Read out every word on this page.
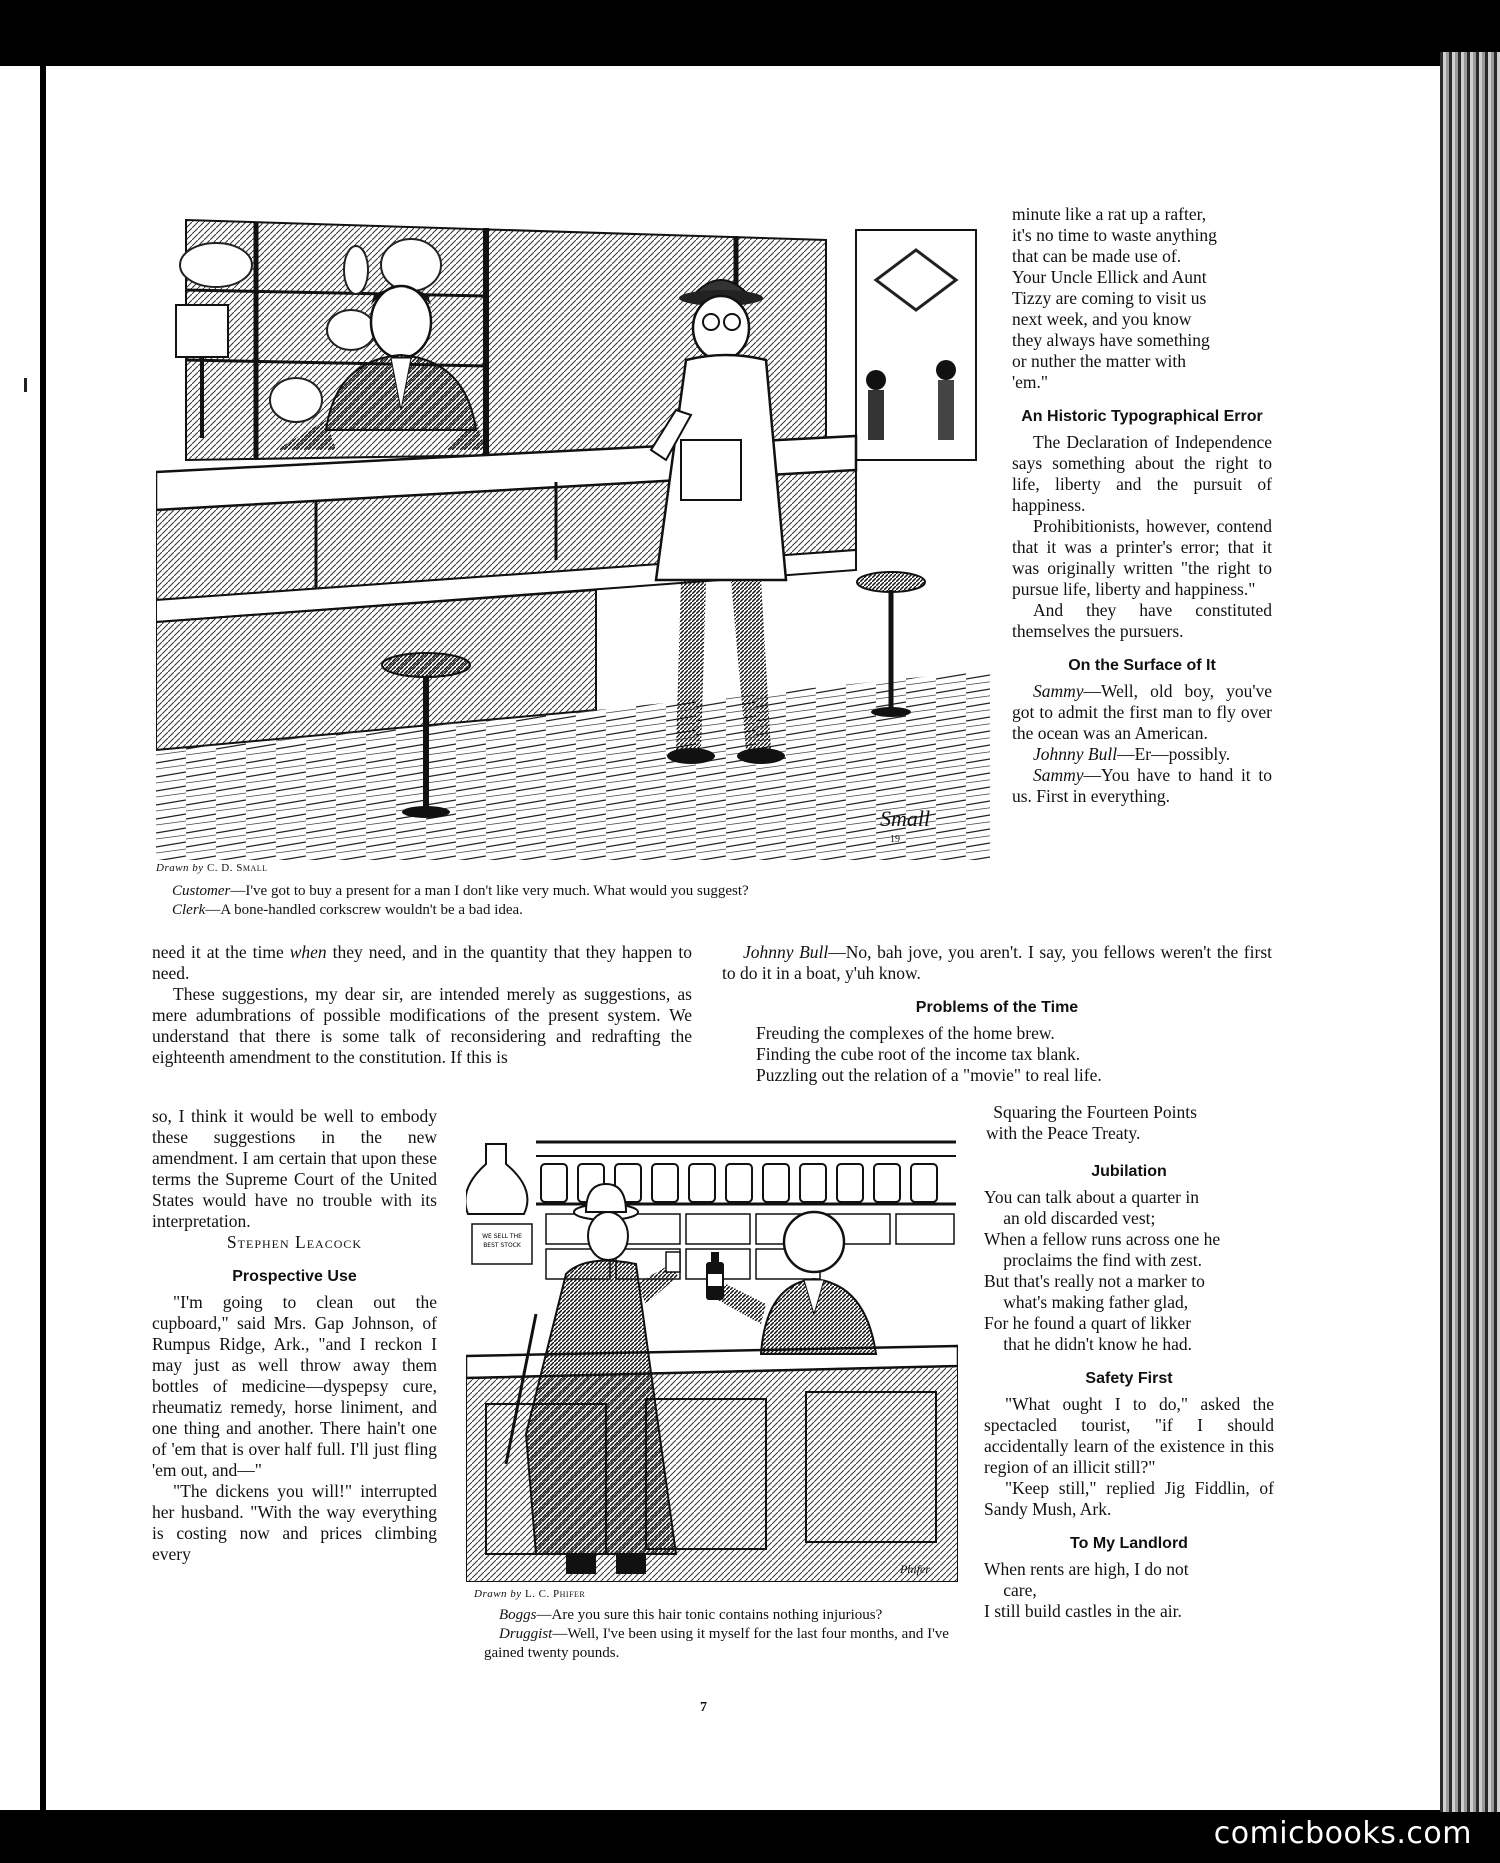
Small
19
Drawn by C. D. Small
Customer—I've got to buy a present for a man I don't like very much. What would you suggest?
Clerk—A bone-handled corkscrew wouldn't be a bad idea.

minute like a rat up a rafter,

it's no time to waste anything

that can be made use of.

Your Uncle Ellick and Aunt

Tizzy are coming to visit us

next week, and you know

they always have something

or nuther the matter with

'em."

An Historic Typographical Error

The Declaration of Independence says something about the right to life, liberty and the pursuit of happiness.

Prohibitionists, however, contend that it was a printer's error; that it was originally written "the right to pursue life, liberty and happiness."

And they have constituted themselves the pursuers.

On the Surface of It

Sammy—Well, old boy, you've got to admit the first man to fly over the ocean was an American.

Johnny Bull—Er—possibly.

Sammy—You have to hand it to us. First in everything.

need it at the time when they need, and in the quantity that they happen to need.

These suggestions, my dear sir, are intended merely as suggestions, as mere adumbrations of possible modifications of the present system. We understand that there is some talk of reconsidering and redrafting the eighteenth amendment to the constitution. If this is

so, I think it would be well to embody these suggestions in the new amendment. I am certain that upon these terms the Supreme Court of the United States would have no trouble with its interpretation.

Stephen Leacock

Prospective Use

"I'm going to clean out the cupboard," said Mrs. Gap Johnson, of Rumpus Ridge, Ark., "and I reckon I may just as well throw away them bottles of medicine—dyspepsy cure, rheumatiz remedy, horse liniment, and one thing and another. There hain't one of 'em that is over half full. I'll just fling 'em out, and—"

"The dickens you will!" interrupted her husband. "With the way everything is costing now and prices climbing every

Johnny Bull—No, bah jove, you aren't. I say, you fellows weren't the first to do it in a boat, y'uh know.

Problems of the Time
Freuding the complexes of the home brew.
Finding the cube root of the income tax blank.
Puzzling out the relation of a "movie" to real life.
Squaring the Fourteen Points
with the Peace Treaty.
WE SELL THE BEST STOCK
Phifer
Drawn by L. C. Phifer
Boggs—Are you sure this hair tonic contains nothing injurious?
Druggist—Well, I've been using it myself for the last four months, and I've gained twenty pounds.
Jubilation
You can talk about a quarter in
an old discarded vest;
When a fellow runs across one he
proclaims the find with zest.
But that's really not a marker to
what's making father glad,
For he found a quart of likker
that he didn't know he had.
Safety First

"What ought I to do," asked the spectacled tourist, "if I should accidentally learn of the existence in this region of an illicit still?"

"Keep still," replied Jig Fiddlin, of Sandy Mush, Ark.

To My Landlord
When rents are high, I do not
care,
I still build castles in the air.
7
comicbooks.com
